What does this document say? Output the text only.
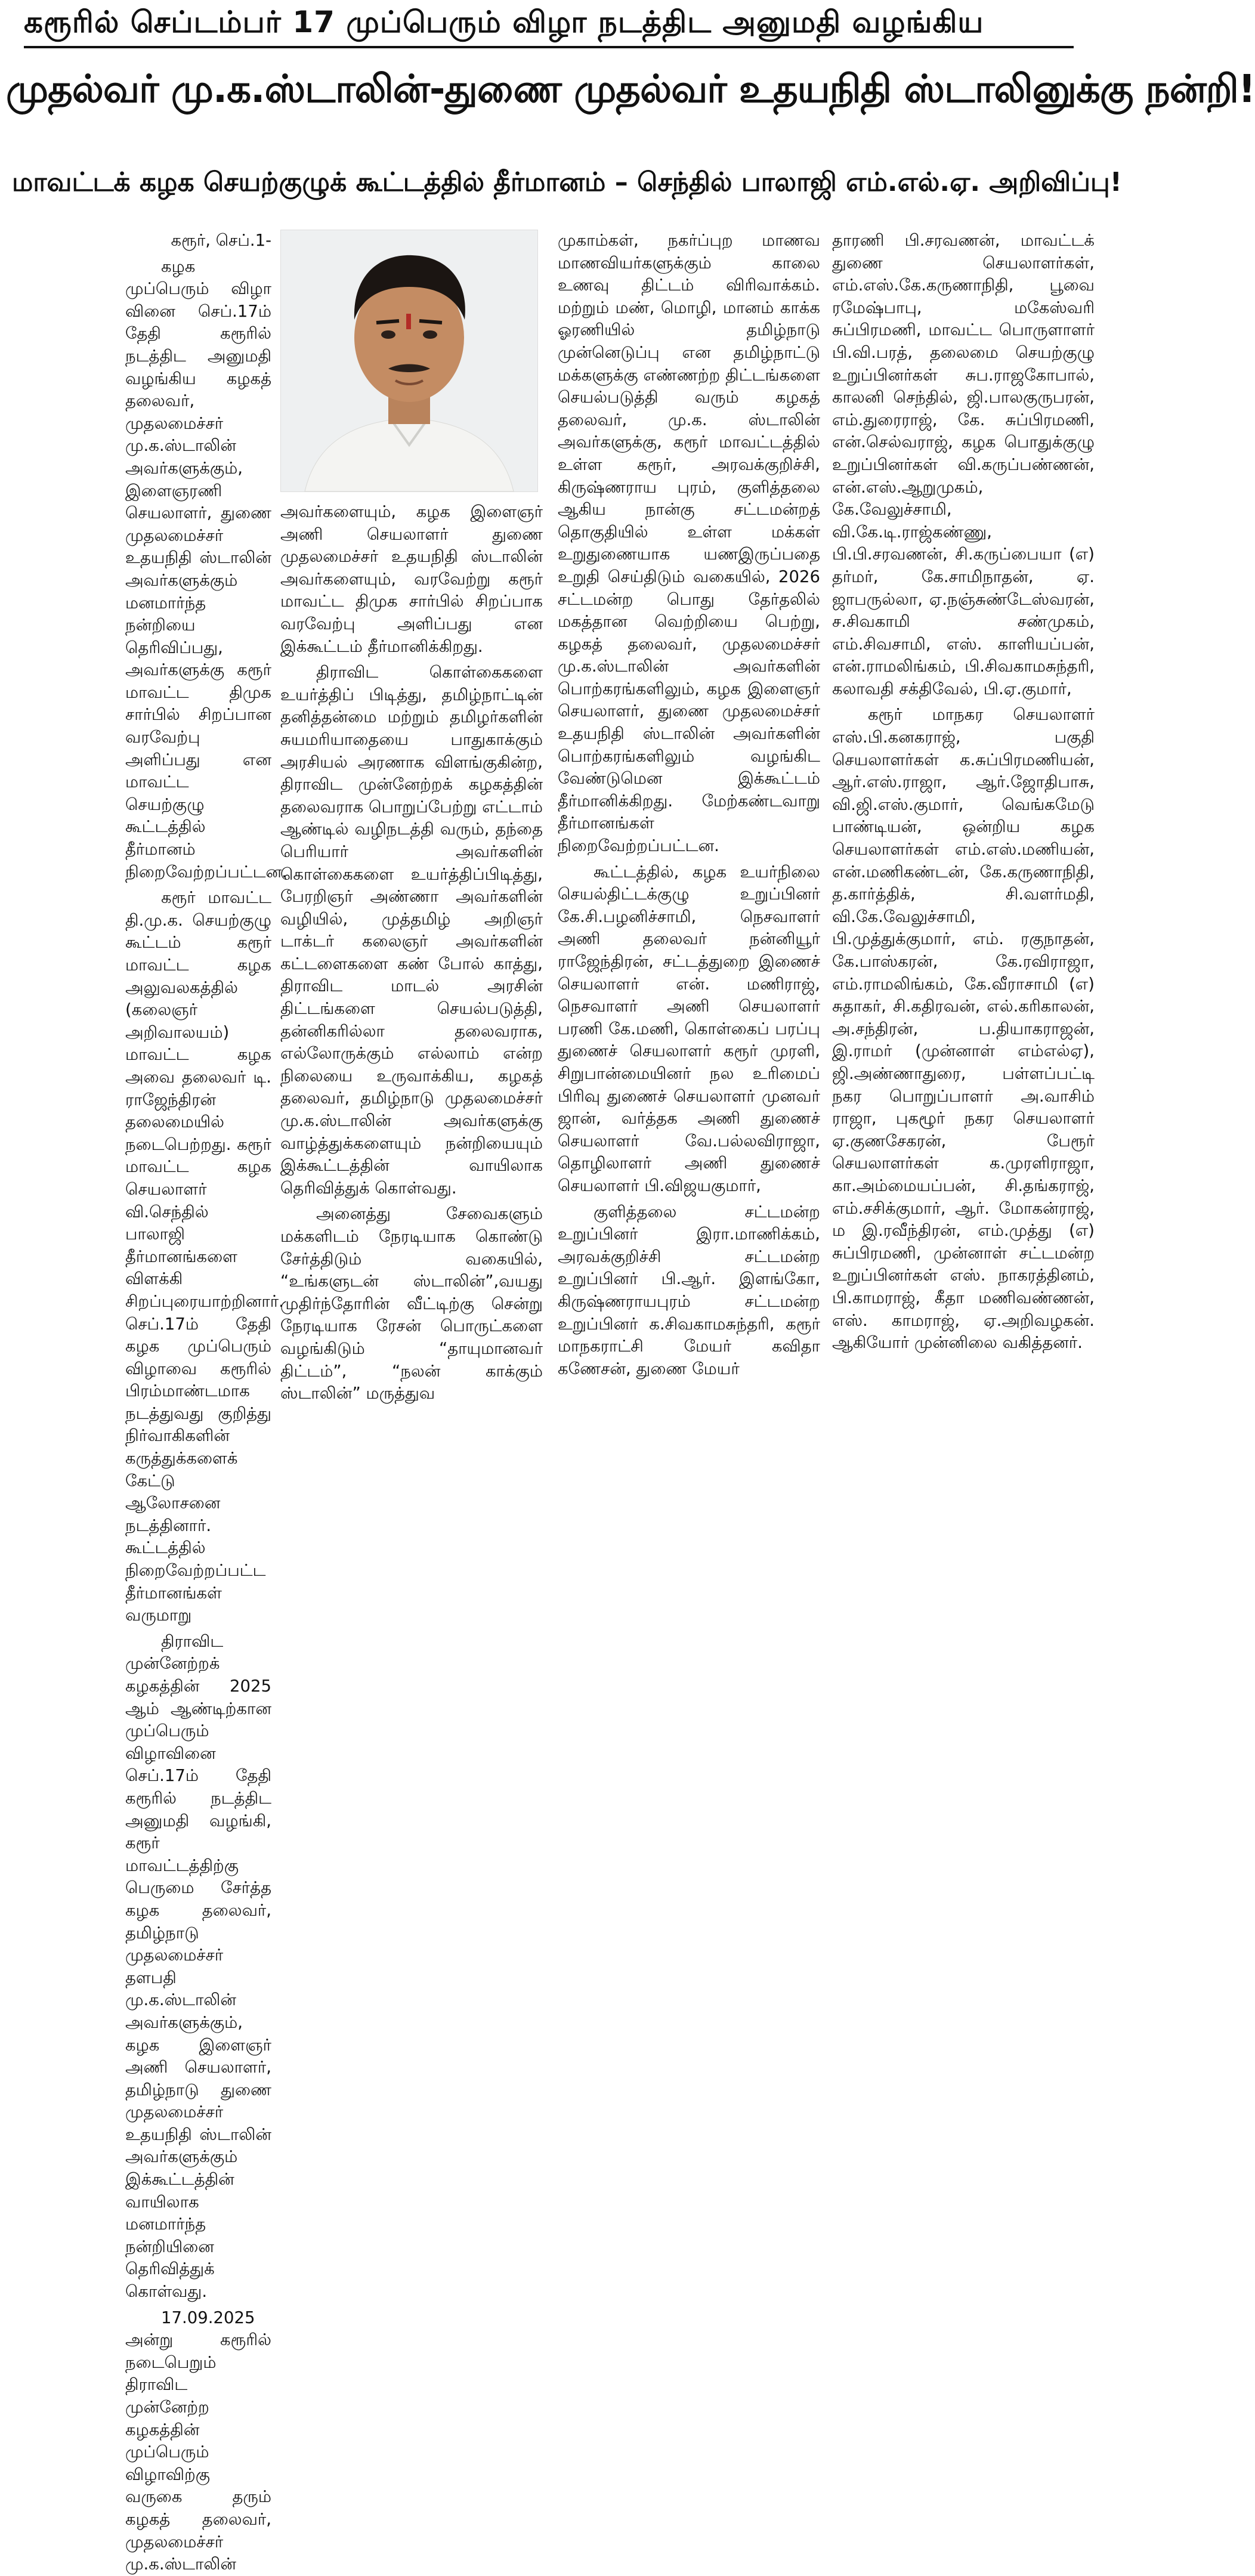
கரூரில் செப்டம்பர் 17 முப்பெரும் விழா நடத்திட அனுமதி வழங்கிய
முதல்வர் மு.க.ஸ்டாலின்-துணை முதல்வர் உதயநிதி ஸ்டாலினுக்கு நன்றி!
மாவட்டக் கழக செயற்குழுக் கூட்டத்தில் தீர்மானம் – செந்தில் பாலாஜி எம்.எல்.ஏ. அறிவிப்பு!

கரூர், செப்.1-

கழக முப்பெரும் விழா வினை செப்.17ம் தேதி கரூரில் நடத்திட அனுமதி வழங்கிய கழகத் தலைவர், முதலமைச்சர் மு.க.ஸ்டாலின் அவர்களுக்கும், இளைஞரணி செயலாளர், துணை முதலமைச்சர் உதயநிதி ஸ்டாலின் அவர்களுக்கும் மனமார்ந்த நன்றியை தெரிவிப்பது, அவர்களுக்கு கரூர் மாவட்ட திமுக சார்பில் சிறப்பான வரவேற்பு அளிப்பது என மாவட்ட செயற்குழு கூட்டத்தில் தீர்மானம் நிறைவேற்றப்பட்டன.

கரூர் மாவட்ட தி.மு.க. செயற்குழு கூட்டம் கரூர் மாவட்ட கழக அலுவலகத்தில் (கலைஞர் அறிவாலயம்) மாவட்ட கழக அவை தலைவர் டி. ராஜேந்திரன் தலைமையில் நடைபெற்றது. கரூர் மாவட்ட கழக செயலாளர் வி.செந்தில் பாலாஜி தீர்மானங்களை விளக்கி சிறப்புரையாற்றினார். செப்.17ம் தேதி கழக முப்பெரும் விழாவை கரூரில் பிரம்மாண்டமாக நடத்துவது குறித்து நிர்வாகிகளின் கருத்துக்களைக் கேட்டு ஆலோசனை நடத்தினார். கூட்டத்தில் நிறைவேற்றப்பட்ட தீர்மானங்கள் வருமாறு

திராவிட முன்னேற்றக் கழகத்தின் 2025 ஆம் ஆண்டிற்கான முப்பெரும் விழாவினை செப்.17ம் தேதி கரூரில் நடத்திட அனுமதி வழங்கி, கரூர் மாவட்டத்திற்கு பெருமை சேர்த்த கழக தலைவர், தமிழ்நாடு முதலமைச்சர் தளபதி மு.க.ஸ்டாலின் அவர்களுக்கும், கழக இளைஞர் அணி செயலாளர், தமிழ்நாடு துணை முதலமைச்சர் உதயநிதி ஸ்டாலின் அவர்களுக்கும் இக்கூட்டத்தின் வாயிலாக மனமார்ந்த நன்றியினை தெரிவித்துக் கொள்வது.

17.09.2025 அன்று கரூரில் நடைபெறும் திராவிட முன்னேற்ற கழகத்தின் முப்பெரும் விழாவிற்கு வருகை தரும் கழகத் தலைவர், முதலமைச்சர் மு.க.ஸ்டாலின்

அவர்களையும், கழக இளைஞர் அணி செயலாளர் துணை முதலமைச்சர் உதயநிதி ஸ்டாலின் அவர்களையும், வரவேற்று கரூர் மாவட்ட திமுக சார்பில் சிறப்பாக வரவேற்பு அளிப்பது என இக்கூட்டம் தீர்மானிக்கிறது.

திராவிட கொள்கைகளை உயர்த்திப் பிடித்து, தமிழ்நாட்டின் தனித்தன்மை மற்றும் தமிழர்களின் சுயமரியாதையை பாதுகாக்கும் அரசியல் அரணாக விளங்குகின்ற, திராவிட முன்னேற்றக் கழகத்தின் தலைவராக பொறுப்பேற்று எட்டாம் ஆண்டில் வழிநடத்தி வரும், தந்தை பெரியார் அவர்களின் கொள்கைகளை உயர்த்திப்பிடித்து, பேரறிஞர் அண்ணா அவர்களின் வழியில், முத்தமிழ் அறிஞர் டாக்டர் கலைஞர் அவர்களின் கட்டளைகளை கண் போல் காத்து, திராவிட மாடல் அரசின் திட்டங்களை செயல்படுத்தி, தன்னிகரில்லா தலைவராக, எல்லோருக்கும் எல்லாம் என்ற நிலையை உருவாக்கிய, கழகத் தலைவர், தமிழ்நாடு முதலமைச்சர் மு.க.ஸ்டாலின் அவர்களுக்கு வாழ்த்துக்களையும் நன்றியையும் இக்கூட்டத்தின் வாயிலாக தெரிவித்துக் கொள்வது.

அனைத்து சேவைகளும் மக்களிடம் நேரடியாக கொண்டு சேர்த்திடும் வகையில், “உங்களுடன் ஸ்டாலின்”,வயது முதிர்ந்தோரின் வீட்டிற்கு சென்று நேரடியாக ரேசன் பொருட்களை வழங்கிடும் “தாயுமானவர் திட்டம்”, “நலன் காக்கும் ஸ்டாலின்” மருத்துவ

முகாம்கள், நகர்ப்புற மாணவ மாணவியர்களுக்கும் காலை உணவு திட்டம் விரிவாக்கம். மற்றும் மண், மொழி, மானம் காக்க ஓரணியில் தமிழ்நாடு முன்னெடுப்பு என தமிழ்நாட்டு மக்களுக்கு எண்ணற்ற திட்டங்களை செயல்படுத்தி வரும் கழகத் தலைவர், மு.க. ஸ்டாலின் அவர்களுக்கு, கரூர் மாவட்டத்தில் உள்ள கரூர், அரவக்குறிச்சி, கிருஷ்ணராய புரம், குளித்தலை ஆகிய நான்கு சட்டமன்றத் தொகுதியில் உள்ள மக்கள் உறுதுணையாக யணஇருப்பதை உறுதி செய்திடும் வகையில், 2026 சட்டமன்ற பொது தேர்தலில் மகத்தான வெற்றியை பெற்று, கழகத் தலைவர், முதலமைச்சர் மு.க.ஸ்டாலின் அவர்களின் பொற்கரங்களிலும், கழக இளைஞர் செயலாளர், துணை முதலமைச்சர் உதயநிதி ஸ்டாலின் அவர்களின் பொற்கரங்களிலும் வழங்கிட வேண்டுமென இக்கூட்டம் தீர்மானிக்கிறது. மேற்கண்டவாறு தீர்மானங்கள் நிறைவேற்றப்பட்டன.

கூட்டத்தில், கழக உயர்நிலை செயல்திட்டக்குழு உறுப்பினர் கே.சி.பழனிச்சாமி, நெசவாளர் அணி தலைவர் நன்னியூர் ராஜேந்திரன், சட்டத்துறை இணைச் செயலாளர் என். மணிராஜ், நெசவாளர் அணி செயலாளர் பரணி கே.மணி, கொள்கைப் பரப்பு துணைச் செயலாளர் கரூர் முரளி, சிறுபான்மையினர் நல உரிமைப் பிரிவு துணைச் செயலாளர் முனவர் ஜான், வர்த்தக அணி துணைச் செயலாளர் வே.பல்லவிராஜா, தொழிலாளர் அணி துணைச் செயலாளர் பி.விஜயகுமார்,

குளித்தலை சட்டமன்ற உறுப்பினர் இரா.மாணிக்கம், அரவக்குறிச்சி சட்டமன்ற உறுப்பினர் பி.ஆர். இளங்கோ, கிருஷ்ணராயபுரம் சட்டமன்ற உறுப்பினர் க.சிவகாமசுந்தரி, கரூர் மாநகராட்சி மேயர் கவிதா கணேசன், துணை மேயர்

தாரணி பி.சரவணன், மாவட்டக் துணை செயலாளர்கள், எம்.எஸ்.கே.கருணாநிதி, பூவை ரமேஷ்பாபு, மகேஸ்வரி சுப்பிரமணி, மாவட்ட பொருளாளர் பி.வி.பரத், தலைமை செயற்குழு உறுப்பினர்கள் சுப.ராஜகோபால், காலனி செந்தில், ஜி.பாலகுருபரன், எம்.துரைராஜ், கே. சுப்பிரமணி, என்.செல்வராஜ், கழக பொதுக்குழு உறுப்பினர்கள் வி.கருப்பண்ணன், என்.எஸ்.ஆறுமுகம், கே.வேலுச்சாமி, வி.கே.டி.ராஜ்கண்ணு, பி.பி.சரவணன், சி.கருப்பையா (எ) தர்மர், கே.சாமிநாதன், ஏ. ஜாபருல்லா, ஏ.நஞ்சுண்டேஸ்வரன், ச.சிவகாமி சண்முகம், எம்.சிவசாமி, எஸ். காளியப்பன், என்.ராமலிங்கம், பி.சிவகாமசுந்தரி, கலாவதி சக்திவேல், பி.ஏ.குமார்,

கரூர் மாநகர செயலாளர் எஸ்.பி.கனகராஜ், பகுதி செயலாளர்கள் க.சுப்பிரமணியன், ஆர்.எஸ்.ராஜா, ஆர்.ஜோதிபாசு, வி.ஜி.எஸ்.குமார், வெங்கமேடு பாண்டியன், ஒன்றிய கழக செயலாளர்கள் எம்.எஸ்.மணியன், என்.மணிகண்டன், கே.கருணாநிதி, த.கார்த்திக், சி.வளர்மதி, வி.கே.வேலுச்சாமி, பி.முத்துக்குமார், எம். ரகுநாதன், கே.பாஸ்கரன், கே.ரவிராஜா, எம்.ராமலிங்கம், கே.வீராசாமி (எ) சுதாகர், சி.கதிரவன், எல்.கரிகாலன், அ.சந்திரன், ப.தியாகராஜன், இ.ராமர் (முன்னாள் எம்எல்ஏ), ஜி.அண்ணாதுரை, பள்ளப்பட்டி நகர பொறுப்பாளர் அ.வாசிம் ராஜா, புகழூர் நகர செயலாளர் ஏ.குணசேகரன், பேரூர் செயலாளர்கள் க.முரளிராஜா, கா.அம்மையப்பன், சி.தங்கராஜ், எம்.சசிக்குமார், ஆர். மோகன்ராஜ், ம இ.ரவீந்திரன், எம்.முத்து (எ) சுப்பிரமணி, முன்னாள் சட்டமன்ற உறுப்பினர்கள் எஸ். நாகரத்தினம், பி.காமராஜ், கீதா மணிவண்ணன், எஸ். காமராஜ், ஏ.அறிவழகன். ஆகியோர் முன்னிலை வகித்தனர்.
